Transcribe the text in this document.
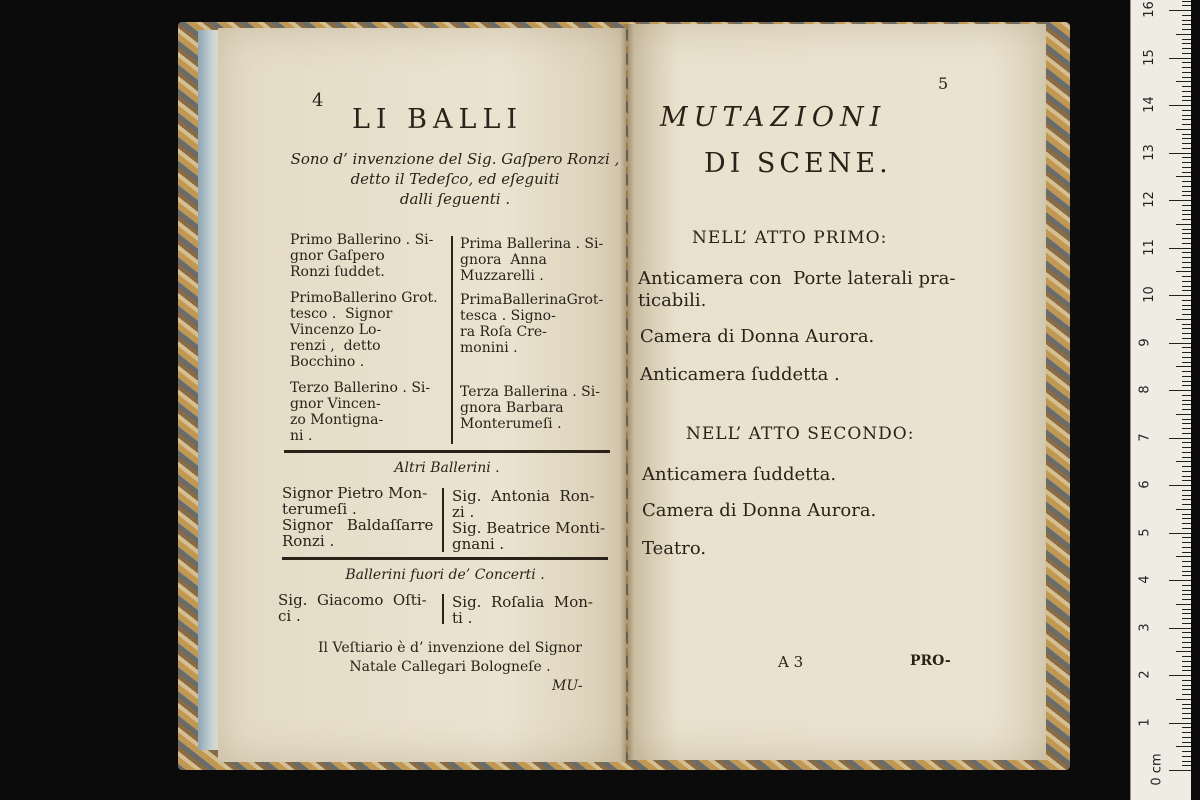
4
LI BALLI
Sono d’ invenzione del Sig. Gaſpero Ronzi ,
detto il Tedeſco, ed eſeguiti
dalli ſeguenti .
Primo Ballerino . Si-
gnor Gaſpero
Ronzi ſuddet.
Prima Ballerina . Si-
gnora  Anna
Muzzarelli .
PrimoBallerino Grot.
tesco .  Signor
Vincenzo Lo-
renzi ,  detto
Bocchino .
PrimaBallerinaGrot-
tesca . Signo-
ra Roſa Cre-
monini .
Terzo Ballerino . Si-
gnor Vincen-
zo Montigna-
ni .
Terza Ballerina . Si-
gnora Barbara
Monterumeſi .
Altri Ballerini .
Signor Pietro Mon-
terumeſi .
Sig.  Antonia  Ron-
zi .
Signor   Baldaſſarre
Ronzi .
Sig. Beatrice Monti-
gnani .
Ballerini fuori de’ Concerti .
Sig.  Giacomo  Oſti-
ci .
Sig.  Roſalia  Mon-
ti .
Il Veſtiario è d’ invenzione del Signor
Natale Callegari Bologneſe .
MU-
5
MUTAZIONI
DI SCENE.
NELL’ ATTO PRIMO:
Anticamera con  Porte laterali pra-
ticabili.
Camera di Donna Aurora.
Anticamera ſuddetta .
NELL’ ATTO SECONDO:
Anticamera ſuddetta.
Camera di Donna Aurora.
Teatro.
A 3	PRO-
0 cm
1
2
3
4
5
6
7
8
9
10
11
12
13
14
15
16
